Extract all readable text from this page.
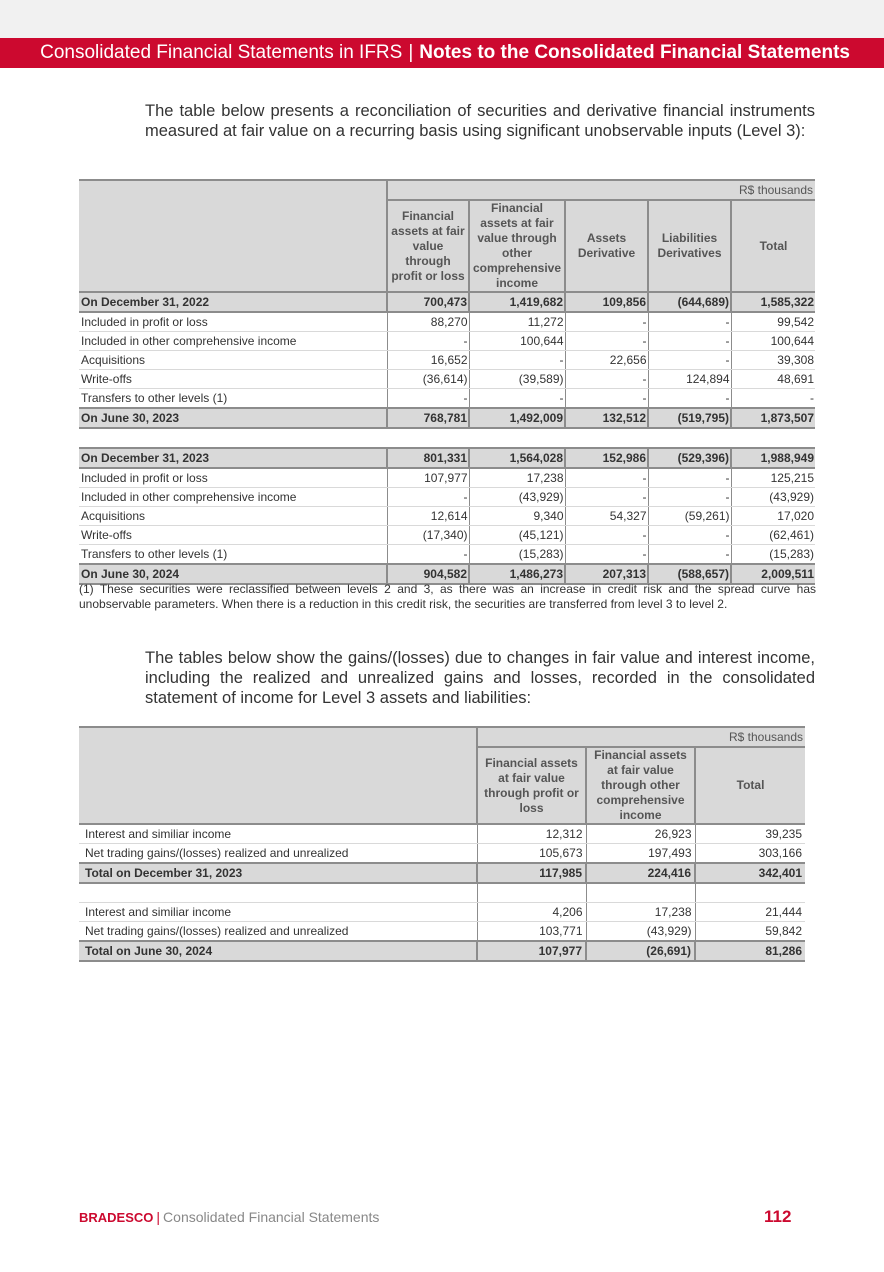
Consolidated Financial Statements in IFRS | Notes to the Consolidated Financial Statements

The table below presents a reconciliation of securities and derivative financial instruments measured at fair value on a recurring basis using significant unobservable inputs (Level 3):

	R$ thousands				
	Financial assets at fair value through profit or loss	Financial assets at fair value through other comprehensive income	Assets Derivative	Liabilities Derivatives	Total
On December 31, 2022	700,473	1,419,682	109,856	(644,689)	1,585,322
Included in profit or loss	88,270	11,272	-	-	99,542
Included in other comprehensive income	-	100,644	-	-	100,644
Acquisitions	16,652	-	22,656	-	39,308
Write-offs	(36,614)	(39,589)	-	124,894	48,691
Transfers to other levels (1)	-	-	-	-	-
On June 30, 2023	768,781	1,492,009	132,512	(519,795)	1,873,507

On December 31, 2023	801,331	1,564,028	152,986	(529,396)	1,988,949
Included in profit or loss	107,977	17,238	-	-	125,215
Included in other comprehensive income	-	(43,929)	-	-	(43,929)
Acquisitions	12,614	9,340	54,327	(59,261)	17,020
Write-offs	(17,340)	(45,121)	-	-	(62,461)
Transfers to other levels (1)	-	(15,283)	-	-	(15,283)
On June 30, 2024	904,582	1,486,273	207,313	(588,657)	2,009,511

(1) These securities were reclassified between levels 2 and 3, as there was an increase in credit risk and the spread curve has unobservable parameters. When there is a reduction in this credit risk, the securities are transferred from level 3 to level 2.

The tables below show the gains/(losses) due to changes in fair value and interest income, including the realized and unrealized gains and losses, recorded in the consolidated statement of income for Level 3 assets and liabilities:

	R$ thousands		
	Financial assets at fair value through profit or loss	Financial assets at fair value through other comprehensive income	Total
Interest and similiar income	12,312	26,923	39,235
Net trading gains/(losses) realized and unrealized	105,673	197,493	303,166
Total on December 31, 2023	117,985	224,416	342,401

Interest and similiar income	4,206	17,238	21,444
Net trading gains/(losses) realized and unrealized	103,771	(43,929)	59,842
Total on June 30, 2024	107,977	(26,691)	81,286
BRADESCO | Consolidated Financial Statements	112
